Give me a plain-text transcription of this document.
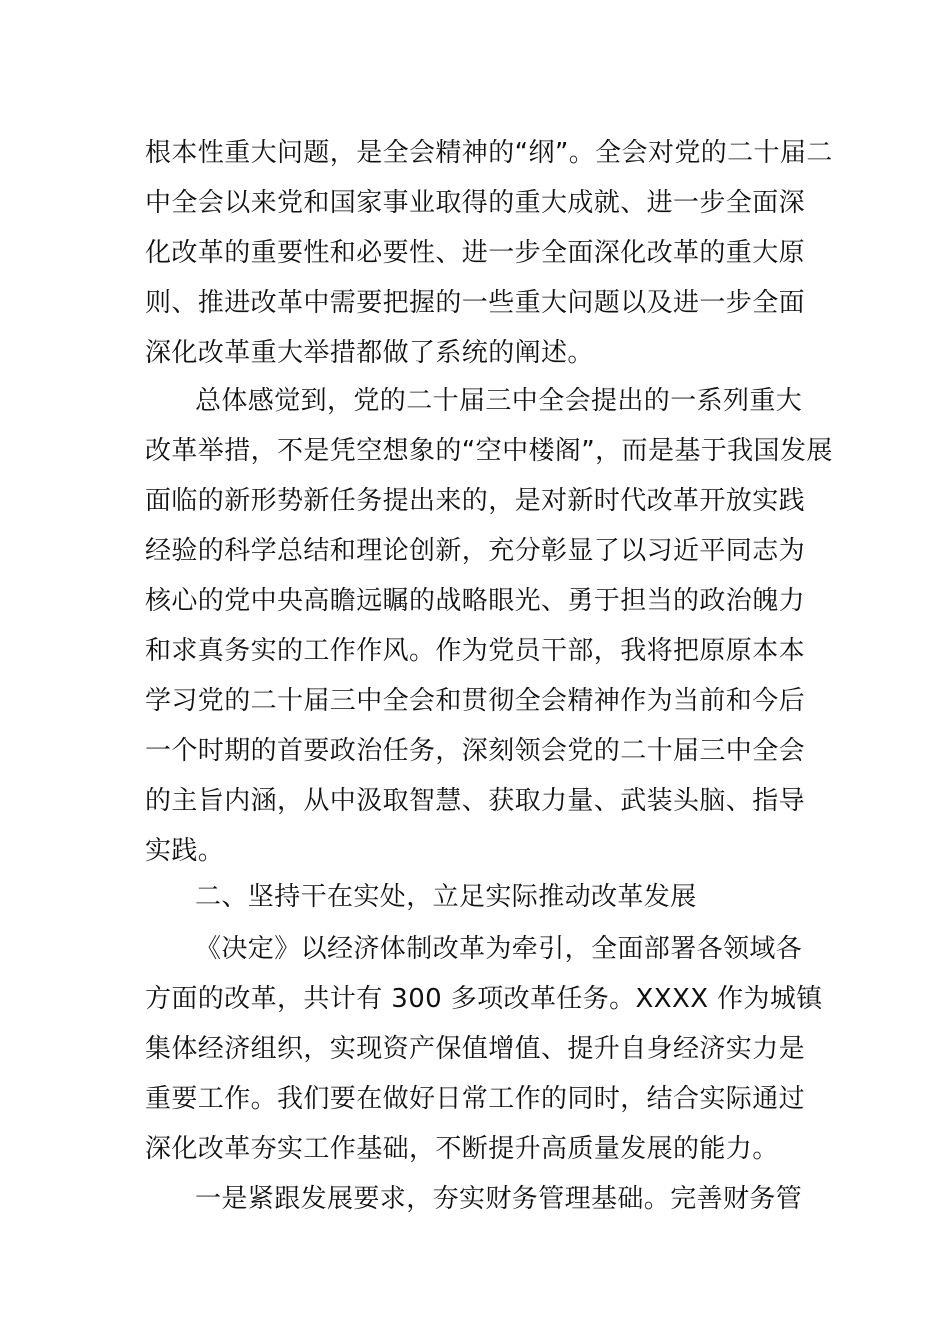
根本性重大问题，是全会精神的“纲”。全会对党的二十届二
中全会以来党和国家事业取得的重大成就、进一步全面深
化改革的重要性和必要性、进一步全面深化改革的重大原
则、推进改革中需要把握的一些重大问题以及进一步全面
深化改革重大举措都做了系统的阐述。
总体感觉到，党的二十届三中全会提出的一系列重大
改革举措，不是凭空想象的“空中楼阁”，而是基于我国发展
面临的新形势新任务提出来的，是对新时代改革开放实践
经验的科学总结和理论创新，充分彰显了以习近平同志为
核心的党中央高瞻远瞩的战略眼光、勇于担当的政治魄力
和求真务实的工作作风。作为党员干部，我将把原原本本
学习党的二十届三中全会和贯彻全会精神作为当前和今后
一个时期的首要政治任务，深刻领会党的二十届三中全会
的主旨内涵，从中汲取智慧、获取力量、武装头脑、指导
实践。
二、坚持干在实处，立足实际推动改革发展
《决定》以经济体制改革为牵引，全面部署各领域各
方面的改革，共计有 300 多项改革任务。XXXX 作为城镇
集体经济组织，实现资产保值增值、提升自身经济实力是
重要工作。我们要在做好日常工作的同时，结合实际通过
深化改革夯实工作基础，不断提升高质量发展的能力。
一是紧跟发展要求，夯实财务管理基础。完善财务管
